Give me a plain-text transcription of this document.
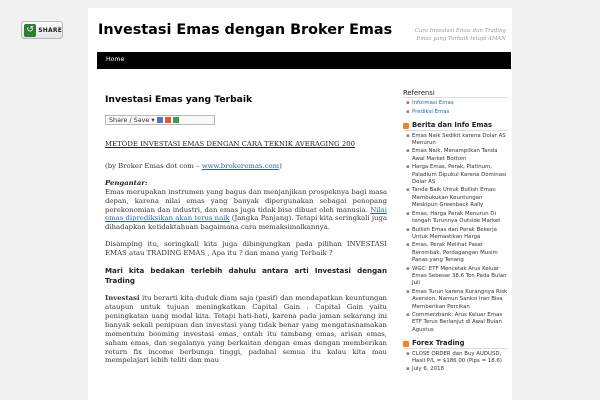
↺ SHARE	Investasi Emas dengan Broker Emas	Cara Investasi Emas dan Trading Emas yang Terbaik tetapi AMAN
Home
Investasi Emas yang Terbaik
Share / Save ▾

METODE INVESTASI EMAS DENGAN CARA TEKNIK AVERAGING 200

(by Broker Emas dot com – www.brokeremas.com)

Pengantar:

Emas merupakan instrumen yang bagus dan menjanjikan prospeknya bagi masa depan, karena nilai emas yang banyak dipergunakan sebagai penopang perekonomian dan industri, dan emas juga tidak bisa dibuat oleh manusia. Nilai emas diprediksikan akan terus naik (Jangka Panjang). Tetapi kita seringkali juga dihadapkan ketidaktahuan bagaimana cara memaksimalkannya.

Disamping itu, seringkali kita juga dibingungkan pada pilihan INVESTASI EMAS atau TRADING EMAS , Apa itu ? dan mana yang Terbaik ?

Mari kita bedakan terlebih dahulu antara arti Investasi dengan Trading

Investasi itu berarti kita duduk diam saja (pasif) dan mendapatkan keuntungan ataupun untuk tujuan meningkatkan Capital Gain . Capital Gain yaitu peningkatan uang modal kita. Tetapi hati-hati, karena pada jaman sekarang ini banyak sekali penipuan dan investasi yang tidak benar yang mengatasnamakan momentum booming investasi emas, entah itu tambang emas, arisan emas, saham emas, dan segalanya yang berkaitan dengan emas dengan memberikan return fix income berbunga tinggi, padahal semua itu kalau kita mau mempelajari lebih teliti dan mau

Referensi
▪ Informasi Emas
▪ Prediksi Emas
Berita dan Info Emas
▪ Emas Naik Sedikit karena Dolar AS Menurun
▪ Emas Naik, Menampilkan Tanda Awal Market Bottom
▪ Harga Emas, Perak, Platinum, Paladium Dipukul Karena Dominasi Dolar AS
▪ Tanda Baik Untuk Bullish Emas: Membukukan Keuntungan Meskipun Greenback Rally
▪ Emas, Harga Perak Menurun Di tengah Turunnya Outside Market
▪ Bullish Emas dan Perak Bekerja Untuk Memastikan Harga
▪ Emas, Perak Melihat Pasar Berombak, Perdagangan Musim Panas yang Tenang
▪ WGC: ETF Mencetak Arus Keluar Emas Sebesar 38.6 Ton Pada Bulan Juli
▪ Emas Turun karena Kurangnya Risk Aversion, Namun Sanksi Iran Bisa Memberikan Percikan
▪ Commerzbank: Arus Keluar Emas ETF Terus Berlanjut di Awal Bulan Agustus
Forex Trading
▪ CLOSE ORDER dan Buy AUDUSD, Hasil P/L = $186.00 (Pips = 18.6)
▪ July 6, 2018
